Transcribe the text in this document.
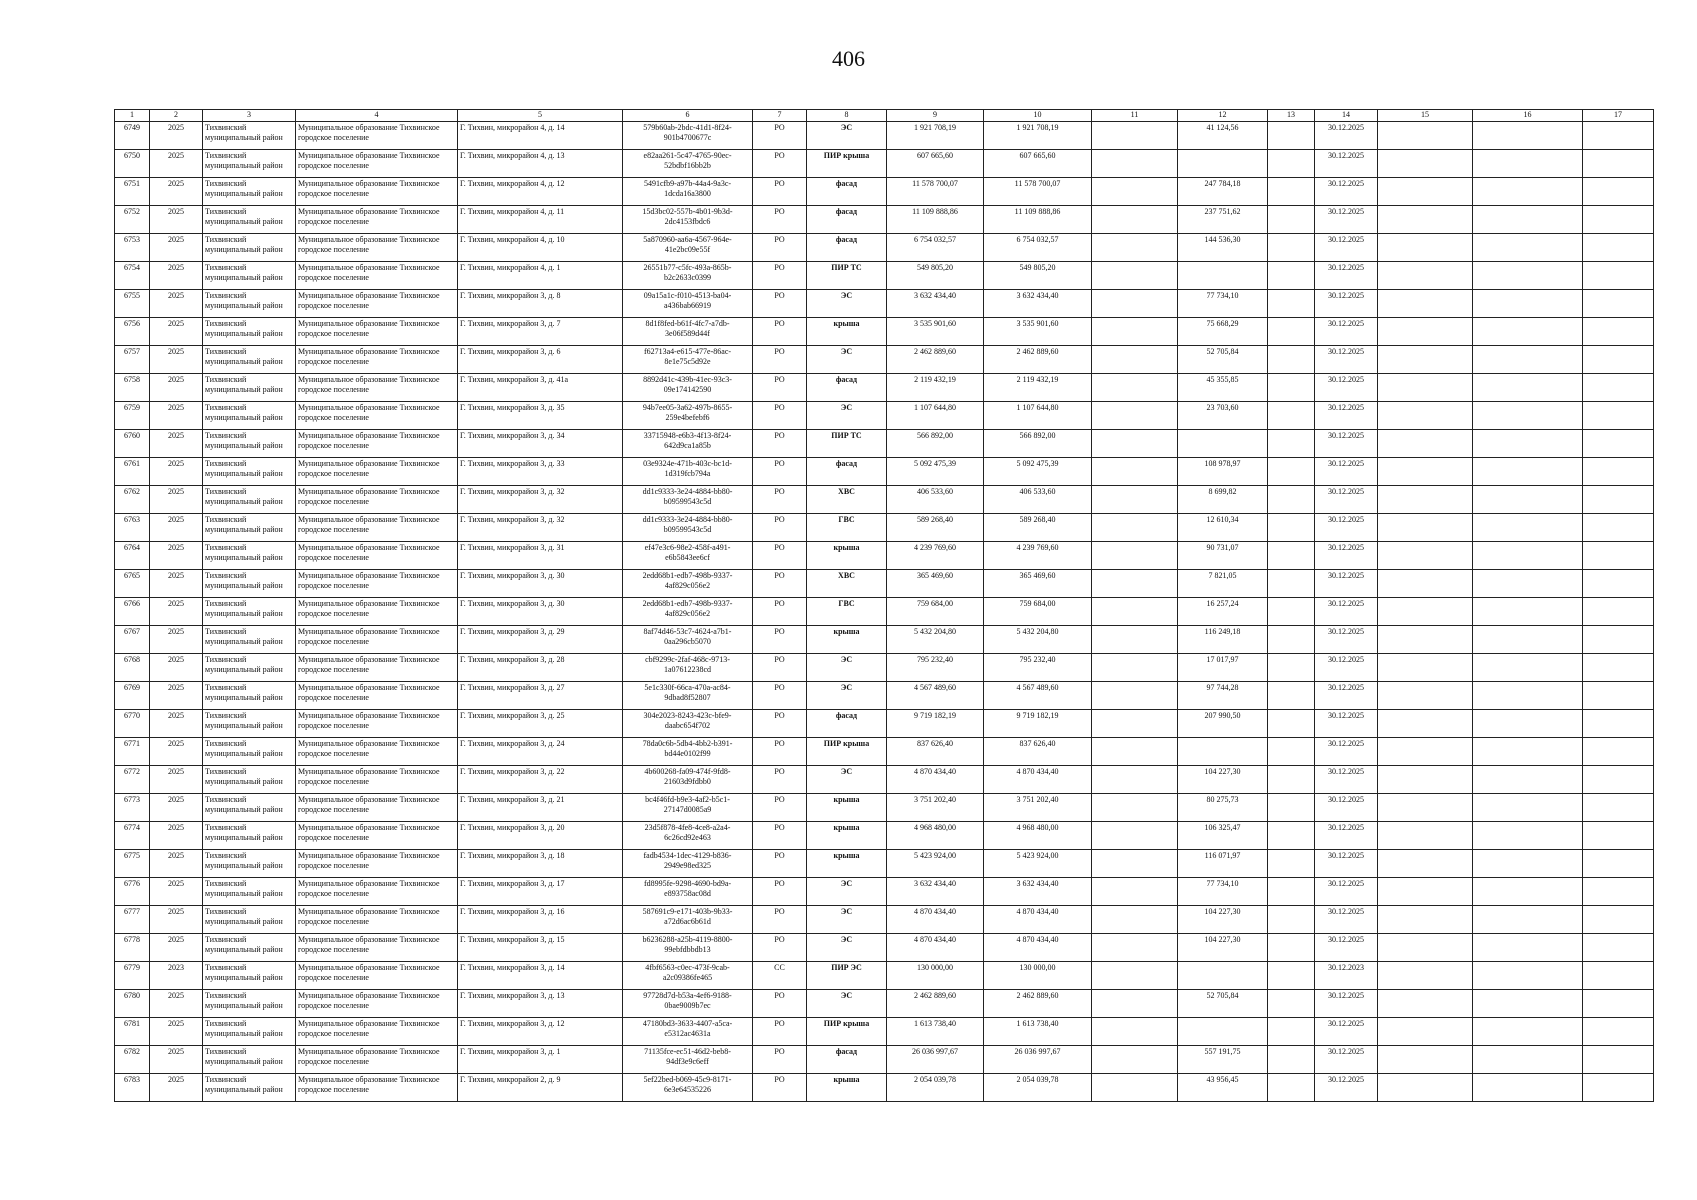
406
1	2	3	4	5	6	7	8	9	10	11	12	13	14	15	16	17
6749	2025	Тихвинский муниципальный район	Муниципальное образование Тихвинское городское поселение	Г. Тихвин, микрорайон 4, д. 14	579b60ab-2bdc-41d1-8f24-901b4700677c	РО	ЭС	1 921 708,19	1 921 708,19		41 124,56		30.12.2025			
6750	2025	Тихвинский муниципальный район	Муниципальное образование Тихвинское городское поселение	Г. Тихвин, микрорайон 4, д. 13	e82aa261-5c47-4765-90ec-52bdbf16bb2b	РО	ПИР крыша	607 665,60	607 665,60				30.12.2025			
6751	2025	Тихвинский муниципальный район	Муниципальное образование Тихвинское городское поселение	Г. Тихвин, микрорайон 4, д. 12	5491cfb9-a97b-44a4-9a3c-1dcda16a3800	РО	фасад	11 578 700,07	11 578 700,07		247 784,18		30.12.2025			
6752	2025	Тихвинский муниципальный район	Муниципальное образование Тихвинское городское поселение	Г. Тихвин, микрорайон 4, д. 11	15d3bc02-557b-4b01-9b3d-2dc4153fbdc6	РО	фасад	11 109 888,86	11 109 888,86		237 751,62		30.12.2025			
6753	2025	Тихвинский муниципальный район	Муниципальное образование Тихвинское городское поселение	Г. Тихвин, микрорайон 4, д. 10	5a870960-aa6a-4567-964e-41e2bc09e55f	РО	фасад	6 754 032,57	6 754 032,57		144 536,30		30.12.2025			
6754	2025	Тихвинский муниципальный район	Муниципальное образование Тихвинское городское поселение	Г. Тихвин, микрорайон 4, д. 1	26551b77-c5fc-493a-865b-b2c2633c0399	РО	ПИР ТС	549 805,20	549 805,20				30.12.2025			
6755	2025	Тихвинский муниципальный район	Муниципальное образование Тихвинское городское поселение	Г. Тихвин, микрорайон 3, д. 8	09a15a1c-f010-4513-ba04-a436bab66919	РО	ЭС	3 632 434,40	3 632 434,40		77 734,10		30.12.2025			
6756	2025	Тихвинский муниципальный район	Муниципальное образование Тихвинское городское поселение	Г. Тихвин, микрорайон 3, д. 7	8d1f8fed-b61f-4fc7-a7db-3e06f589d44f	РО	крыша	3 535 901,60	3 535 901,60		75 668,29		30.12.2025			
6757	2025	Тихвинский муниципальный район	Муниципальное образование Тихвинское городское поселение	Г. Тихвин, микрорайон 3, д. 6	f62713a4-e615-477e-86ac-8e1e75c5d92e	РО	ЭС	2 462 889,60	2 462 889,60		52 705,84		30.12.2025			
6758	2025	Тихвинский муниципальный район	Муниципальное образование Тихвинское городское поселение	Г. Тихвин, микрорайон 3, д. 41а	8892d41c-439b-41ec-93c3-09e174142590	РО	фасад	2 119 432,19	2 119 432,19		45 355,85		30.12.2025			
6759	2025	Тихвинский муниципальный район	Муниципальное образование Тихвинское городское поселение	Г. Тихвин, микрорайон 3, д. 35	94b7ee05-3a62-497b-8655-259e4befebf6	РО	ЭС	1 107 644,80	1 107 644,80		23 703,60		30.12.2025			
6760	2025	Тихвинский муниципальный район	Муниципальное образование Тихвинское городское поселение	Г. Тихвин, микрорайон 3, д. 34	33715948-e6b3-4f13-8f24-642d9ca1a85b	РО	ПИР ТС	566 892,00	566 892,00				30.12.2025			
6761	2025	Тихвинский муниципальный район	Муниципальное образование Тихвинское городское поселение	Г. Тихвин, микрорайон 3, д. 33	03e9324e-471b-403c-bc1d-1d319fcb794a	РО	фасад	5 092 475,39	5 092 475,39		108 978,97		30.12.2025			
6762	2025	Тихвинский муниципальный район	Муниципальное образование Тихвинское городское поселение	Г. Тихвин, микрорайон 3, д. 32	dd1c9333-3e24-4884-bb80-b09599543c5d	РО	ХВС	406 533,60	406 533,60		8 699,82		30.12.2025			
6763	2025	Тихвинский муниципальный район	Муниципальное образование Тихвинское городское поселение	Г. Тихвин, микрорайон 3, д. 32	dd1c9333-3e24-4884-bb80-b09599543c5d	РО	ГВС	589 268,40	589 268,40		12 610,34		30.12.2025			
6764	2025	Тихвинский муниципальный район	Муниципальное образование Тихвинское городское поселение	Г. Тихвин, микрорайон 3, д. 31	ef47e3c6-98e2-458f-a491-e6b5843ee6cf	РО	крыша	4 239 769,60	4 239 769,60		90 731,07		30.12.2025			
6765	2025	Тихвинский муниципальный район	Муниципальное образование Тихвинское городское поселение	Г. Тихвин, микрорайон 3, д. 30	2edd68b1-edb7-498b-9337-4af829c056e2	РО	ХВС	365 469,60	365 469,60		7 821,05		30.12.2025			
6766	2025	Тихвинский муниципальный район	Муниципальное образование Тихвинское городское поселение	Г. Тихвин, микрорайон 3, д. 30	2edd68b1-edb7-498b-9337-4af829c056e2	РО	ГВС	759 684,00	759 684,00		16 257,24		30.12.2025			
6767	2025	Тихвинский муниципальный район	Муниципальное образование Тихвинское городское поселение	Г. Тихвин, микрорайон 3, д. 29	8af74d46-53c7-4624-a7b1-0aa296cb5070	РО	крыша	5 432 204,80	5 432 204,80		116 249,18		30.12.2025			
6768	2025	Тихвинский муниципальный район	Муниципальное образование Тихвинское городское поселение	Г. Тихвин, микрорайон 3, д. 28	cbf9299c-2faf-468c-9713-1a07612238cd	РО	ЭС	795 232,40	795 232,40		17 017,97		30.12.2025			
6769	2025	Тихвинский муниципальный район	Муниципальное образование Тихвинское городское поселение	Г. Тихвин, микрорайон 3, д. 27	5e1c330f-66ca-470a-ac84-9dbad8f52807	РО	ЭС	4 567 489,60	4 567 489,60		97 744,28		30.12.2025			
6770	2025	Тихвинский муниципальный район	Муниципальное образование Тихвинское городское поселение	Г. Тихвин, микрорайон 3, д. 25	304e2023-8243-423c-bfe9-daabc654f702	РО	фасад	9 719 182,19	9 719 182,19		207 990,50		30.12.2025			
6771	2025	Тихвинский муниципальный район	Муниципальное образование Тихвинское городское поселение	Г. Тихвин, микрорайон 3, д. 24	78da0c6b-5db4-4bb2-b391-bd44e0102f99	РО	ПИР крыша	837 626,40	837 626,40				30.12.2025			
6772	2025	Тихвинский муниципальный район	Муниципальное образование Тихвинское городское поселение	Г. Тихвин, микрорайон 3, д. 22	4b600268-fa09-474f-9fd8-21603d9fdbb0	РО	ЭС	4 870 434,40	4 870 434,40		104 227,30		30.12.2025			
6773	2025	Тихвинский муниципальный район	Муниципальное образование Тихвинское городское поселение	Г. Тихвин, микрорайон 3, д. 21	bc4f46fd-b9e3-4af2-b5c1-27147d0085a9	РО	крыша	3 751 202,40	3 751 202,40		80 275,73		30.12.2025			
6774	2025	Тихвинский муниципальный район	Муниципальное образование Тихвинское городское поселение	Г. Тихвин, микрорайон 3, д. 20	23d5f878-4fe8-4ce8-a2a4-6c26cd92e463	РО	крыша	4 968 480,00	4 968 480,00		106 325,47		30.12.2025			
6775	2025	Тихвинский муниципальный район	Муниципальное образование Тихвинское городское поселение	Г. Тихвин, микрорайон 3, д. 18	fadb4534-1dec-4129-b836-2949e98ed325	РО	крыша	5 423 924,00	5 423 924,00		116 071,97		30.12.2025			
6776	2025	Тихвинский муниципальный район	Муниципальное образование Тихвинское городское поселение	Г. Тихвин, микрорайон 3, д. 17	fd8995fe-9298-4690-bd9a-e893758ac08d	РО	ЭС	3 632 434,40	3 632 434,40		77 734,10		30.12.2025			
6777	2025	Тихвинский муниципальный район	Муниципальное образование Тихвинское городское поселение	Г. Тихвин, микрорайон 3, д. 16	587691c9-e171-403b-9b33-a72d6ac6b61d	РО	ЭС	4 870 434,40	4 870 434,40		104 227,30		30.12.2025			
6778	2025	Тихвинский муниципальный район	Муниципальное образование Тихвинское городское поселение	Г. Тихвин, микрорайон 3, д. 15	b6236288-a25b-4119-8800-99ebfdbbdb13	РО	ЭС	4 870 434,40	4 870 434,40		104 227,30		30.12.2025			
6779	2023	Тихвинский муниципальный район	Муниципальное образование Тихвинское городское поселение	Г. Тихвин, микрорайон 3, д. 14	4fbf6563-c0ec-473f-9cab-a2c09386fe465	СС	ПИР ЭС	130 000,00	130 000,00				30.12.2023			
6780	2025	Тихвинский муниципальный район	Муниципальное образование Тихвинское городское поселение	Г. Тихвин, микрорайон 3, д. 13	97728d7d-b53a-4ef6-9188-0bae9009b7ec	РО	ЭС	2 462 889,60	2 462 889,60		52 705,84		30.12.2025			
6781	2025	Тихвинский муниципальный район	Муниципальное образование Тихвинское городское поселение	Г. Тихвин, микрорайон 3, д. 12	47180bd3-3633-4407-a5ca-e5312ac4631a	РО	ПИР крыша	1 613 738,40	1 613 738,40				30.12.2025			
6782	2025	Тихвинский муниципальный район	Муниципальное образование Тихвинское городское поселение	Г. Тихвин, микрорайон 3, д. 1	71135fce-ec51-46d2-beb8-94df3e9c6eff	РО	фасад	26 036 997,67	26 036 997,67		557 191,75		30.12.2025			
6783	2025	Тихвинский муниципальный район	Муниципальное образование Тихвинское городское поселение	Г. Тихвин, микрорайон 2, д. 9	5ef22bed-b069-45c9-8171-6e3e64535226	РО	крыша	2 054 039,78	2 054 039,78		43 956,45		30.12.2025			
